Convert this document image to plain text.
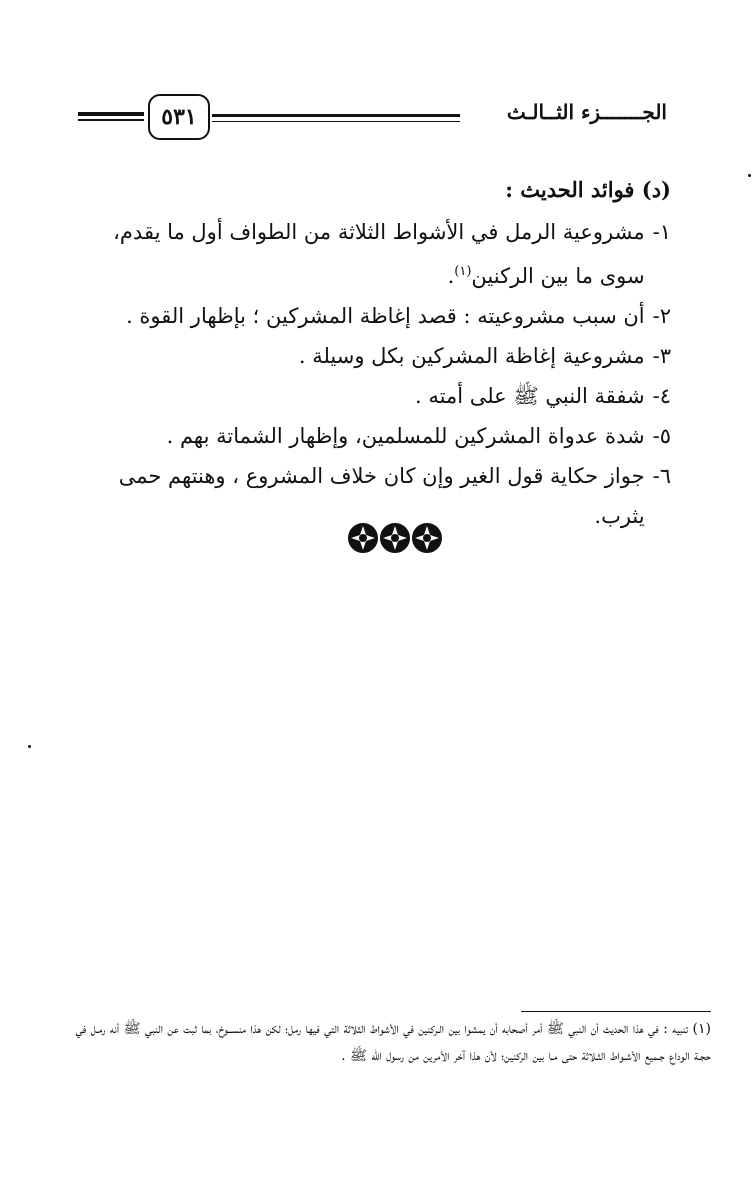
الجـــــــزء الثــالـث
٥٣١
(د) فوائد الحديث :
١-
مشروعية الرمل في الأشواط الثلاثة من الطواف أول ما يقدم، سوى ما بين الركنين$^{(١)}$.
٢-
أن سبب مشروعيته : قصد إغاظة المشركين ؛ بإظهار القوة .
٣-
مشروعية إغاظة المشركين بكل وسيلة .
٤-
شفقة النبي ﷺ على أمته .
٥-
شدة عدواة المشركين للمسلمين، وإظهار الشماتة بهم .
٦-
جواز حكاية قول الغير وإن كان خلاف المشروع ، وهنتهم حمى يثرب.
(١) تنبيه : في هذا الحديث أن النبي ﷺ أمر أصحابه أن يمشوا بين الـركنين في الأشواط الثلاثة التي فيها رمل؛ لكن هذا منســوخ، بما ثبت عن النبي ﷺ أنه رمـل في حجـة الوداع جـميع الأشـواط الثـلاثة حتى مـا بين الركنين؛ لأن هذا آخر الأمرين من رسول الله ﷺ .
